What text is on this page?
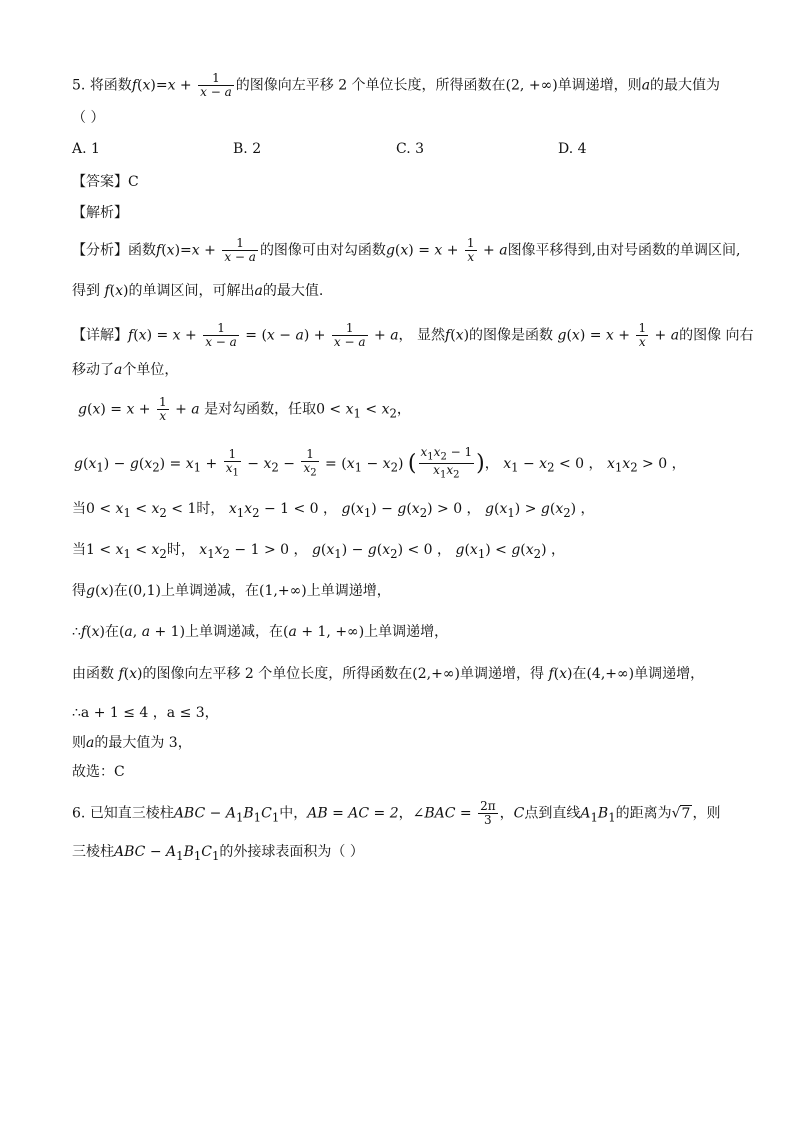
5. 将函数$f(x)=x + \frac{1}{x - a}$ 的图像向左平移 2 个单位长度，所得函数在(2, +∞)单调递增，则a的最大值为
（ ）
A. 1	B. 2	C. 3	D. 4
【答案】C
【解析】
【分析】函数$f(x)=x + \frac{1}{x - a}$ 的图像可由对勾函数$g(x) = x + \frac{1}{x} + a$图像平移得到,由对号函数的单调区间,
得到 f(x)的单调区间，可解出a的最大值.
【详解】$f(x) = x + \frac{1}{x - a} = (x - a) + \frac{1}{x - a} + a$， 显然f(x)的图像是函数 $g(x) = x + \frac{1}{x} + a$的图像 向右
移动了a个单位，
$g(x) = x + \frac{1}{x} + a$ 是对勾函数，任取$0 < x_1 < x_2$，
$g(x_1) - g(x_2) = x_1 + \frac{1}{x_1} - x_2 - \frac{1}{x_2} = (x_1 - x_2)$ ( $\frac{x_1x_2 - 1}{x_1x_2}$ )， $x_1 - x_2 < 0$ ， $x_1x_2 > 0$ ，
当$0 < x_1 < x_2 < 1$时， $x_1x_2 - 1 < 0$ ， $g(x_1) - g(x_2) > 0$ ， $g(x_1) > g(x_2)$ ，
当$1 < x_1 < x_2$时， $x_1x_2 - 1 > 0$ ， $g(x_1) - g(x_2) < 0$ ， $g(x_1) < g(x_2)$ ，
得g(x)在(0,1)上单调递减，在(1,+∞)上单调递增，
∴f(x)在(a, a + 1)上单调递减，在(a + 1, +∞)上单调递增，
由函数 f(x)的图像向左平移 2 个单位长度，所得函数在(2,+∞)单调递增，得 f(x)在(4,+∞)单调递增，
∴a + 1 ≤ 4 ，a ≤ 3，
则a的最大值为 3，
故选：C
6. 已知直三棱柱ABC − $A_1B_1C_1$中，AB = AC = 2，∠BAC = $\frac{2\pi}{3}$ ，C点到直线$A_1B_1$的距离为√7 ，则
三棱柱ABC − $A_1B_1C_1$的外接球表面积为（ ）
